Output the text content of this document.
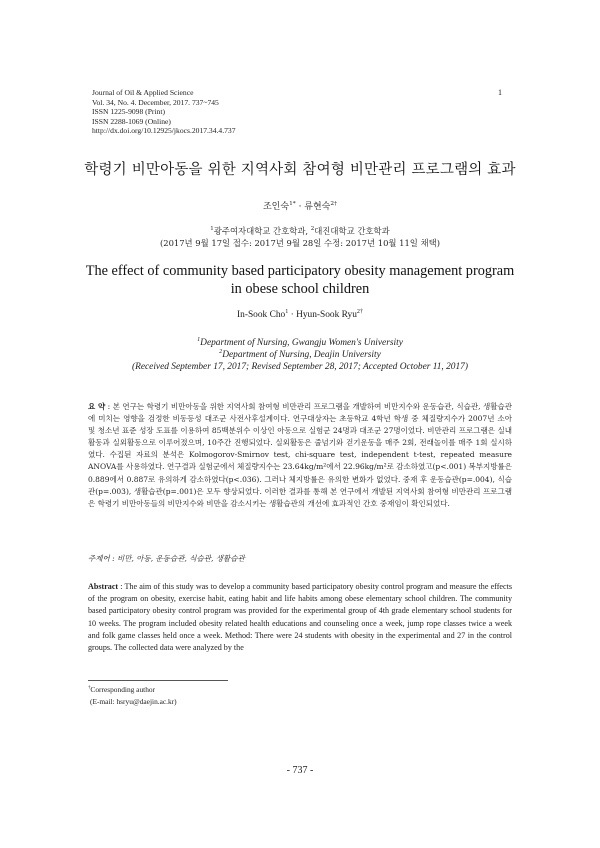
Journal of Oil & Applied Science
Vol. 34, No. 4. December, 2017. 737~745
ISSN 1225-9098 (Print)
ISSN 2288-1069 (Online)
http://dx.doi.org/10.12925/jkocs.2017.34.4.737
1
학령기 비만아동을 위한 지역사회 참여형 비만관리 프로그램의 효과
조인숙$^{1*}$ · 류현숙$^{2\dagger}$
$^1$광주여자대학교 간호학과, $^2$대진대학교 간호학과
(2017년 9월 17일 접수: 2017년 9월 28일 수정: 2017년 10월 11일 채택)
The effect of community based participatory obesity management program
in obese school children
In-Sook Cho$^1$ · Hyun-Sook Ryu$^{2\dagger}$
$^1$Department of Nursing, Gwangju Women's University
$^2$Department of Nursing, Deajin University
(Received September 17, 2017; Revised September 28, 2017; Accepted October 11, 2017)
요 약 : 본 연구는 학령기 비만아동을 위한 지역사회 참여형 비만관리 프로그램을 개발하여 비만지수와 운동습관, 식습관, 생활습관에 미치는 영향을 검정한 비동등성 대조군 사전사후설계이다. 연구대상자는 초등학교 4학년 학생 중 체질량지수가 2007년 소아 및 청소년 표준 성장 도표를 이용하여 85백분위수 이상인 아동으로 실험군 24명과 대조군 27명이었다. 비만관리 프로그램은 실내활동과 실외활동으로 이루어졌으며, 10주간 진행되었다. 실외활동은 줄넘기와 걷기운동을 매주 2회, 전래놀이를 매주 1회 실시하였다. 수집된 자료의 분석은 Kolmogorov-Smirnov test, chi-square test, independent t-test, repeated measure ANOVA를 사용하였다. 연구결과 실험군에서 체질량지수는 23.64kg/m²에서 22.96kg/m²로 감소하였고(p<.001) 복부지방률은 0.889에서 0.887로 유의하게 감소하였다(p<.036). 그러나 체지방률은 유의한 변화가 없었다. 중재 후 운동습관(p=.004), 식습관(p=.003), 생활습관(p=.001)은 모두 향상되었다. 이러한 결과를 통해 본 연구에서 개발된 지역사회 참여형 비만관리 프로그램은 학령기 비만아동들의 비만지수와 비만을 감소시키는 생활습관의 개선에 효과적인 간호 중재임이 확인되었다.
주제어 : 비만, 아동, 운동습관, 식습관, 생활습관
Abstract : The aim of this study was to develop a community based participatory obesity control program and measure the effects of the program on obesity, exercise habit, eating habit and life habits among obese elementary school children. The community based participatory obesity control program was provided for the experimental group of 4th grade elementary school students for 10 weeks. The program included obesity related health educations and counseling once a week, jump rope classes twice a week and folk game classes held once a week. Method: There were 24 students with obesity in the experimental and 27 in the control groups. The collected data were analyzed by the
†Corresponding author
(E-mail: hsryu@daejin.ac.kr)
- 737 -
